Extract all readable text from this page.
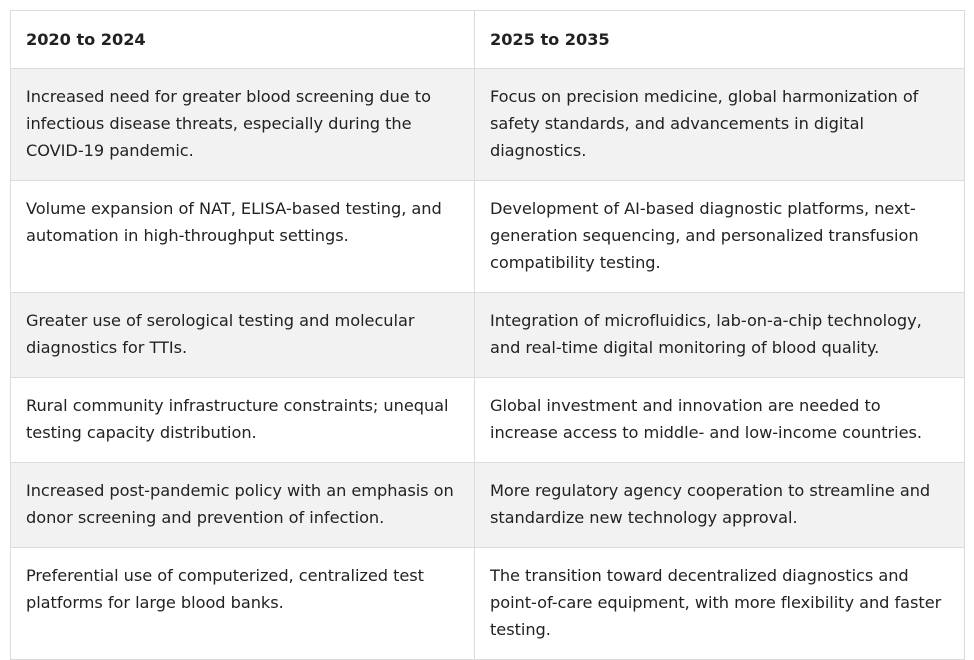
2020 to 2024	2025 to 2035
Increased need for greater blood screening due to infectious disease threats, especially during the COVID-19 pandemic.	Focus on precision medicine, global harmonization of safety standards, and advancements in digital diagnostics.
Volume expansion of NAT, ELISA-based testing, and automation in high-throughput settings.	Development of AI-based diagnostic platforms, next-generation sequencing, and personalized transfusion compatibility testing.
Greater use of serological testing and molecular diagnostics for TTIs.	Integration of microfluidics, lab-on-a-chip technology, and real-time digital monitoring of blood quality.
Rural community infrastructure constraints; unequal testing capacity distribution.	Global investment and innovation are needed to increase access to middle- and low-income countries.
Increased post-pandemic policy with an emphasis on donor screening and prevention of infection.	More regulatory agency cooperation to streamline and standardize new technology approval.
Preferential use of computerized, centralized test platforms for large blood banks.	The transition toward decentralized diagnostics and point-of-care equipment, with more flexibility and faster testing.
